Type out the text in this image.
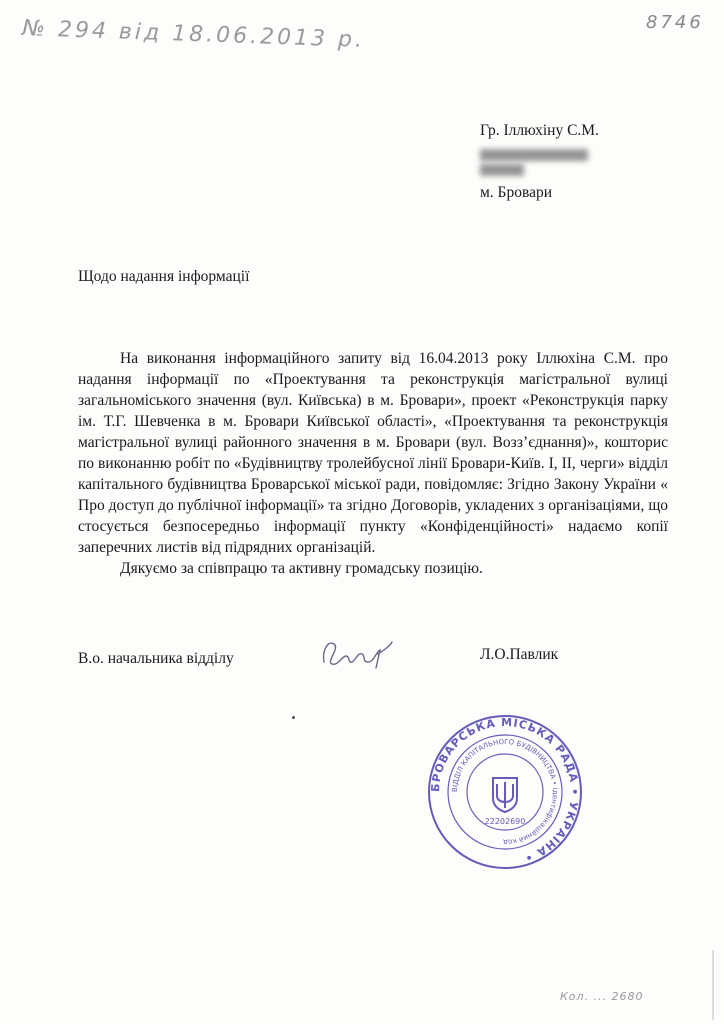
№ 294 від 18.06.2013 р.	8746
Гр. Іллюхіну С.М.
м. Бровари
Щодо надання інформації

На виконання інформаційного запиту від 16.04.2013 року Іллюхіна С.М. про надання інформації по «Проектування та реконструкція магістральної вулиці загальноміського значення (вул. Київська) в м. Бровари», проект «Реконструкція парку ім. Т.Г. Шевченка в м. Бровари Київської області», «Проектування та реконструкція магістральної вулиці районного значення в м. Бровари (вул. Возз’єднання)», кошторис по виконанню робіт по «Будівництву тролейбусної лінії Бровари-Київ. I, II, черги» відділ капітального будівництва Броварської міської ради, повідомляє: Згідно Закону України « Про доступ до публічної інформації» та згідно Договорів, укладених з організаціями, що стосується безпосередньо інформації пункту «Конфіденційності» надаємо копії заперечних листів від підрядних організацій.

Дякуємо за співпрацю та активну громадську позицію.

В.о. начальника відділу	Л.О.Павлик
БРОВАРСЬКА МІСЬКА РАДА • УКРАЇНА •
ВІДДІЛ КАПІТАЛЬНОГО БУДІВНИЦТВА • ідентифікаційний код
22202690
Кол. ... 2680
